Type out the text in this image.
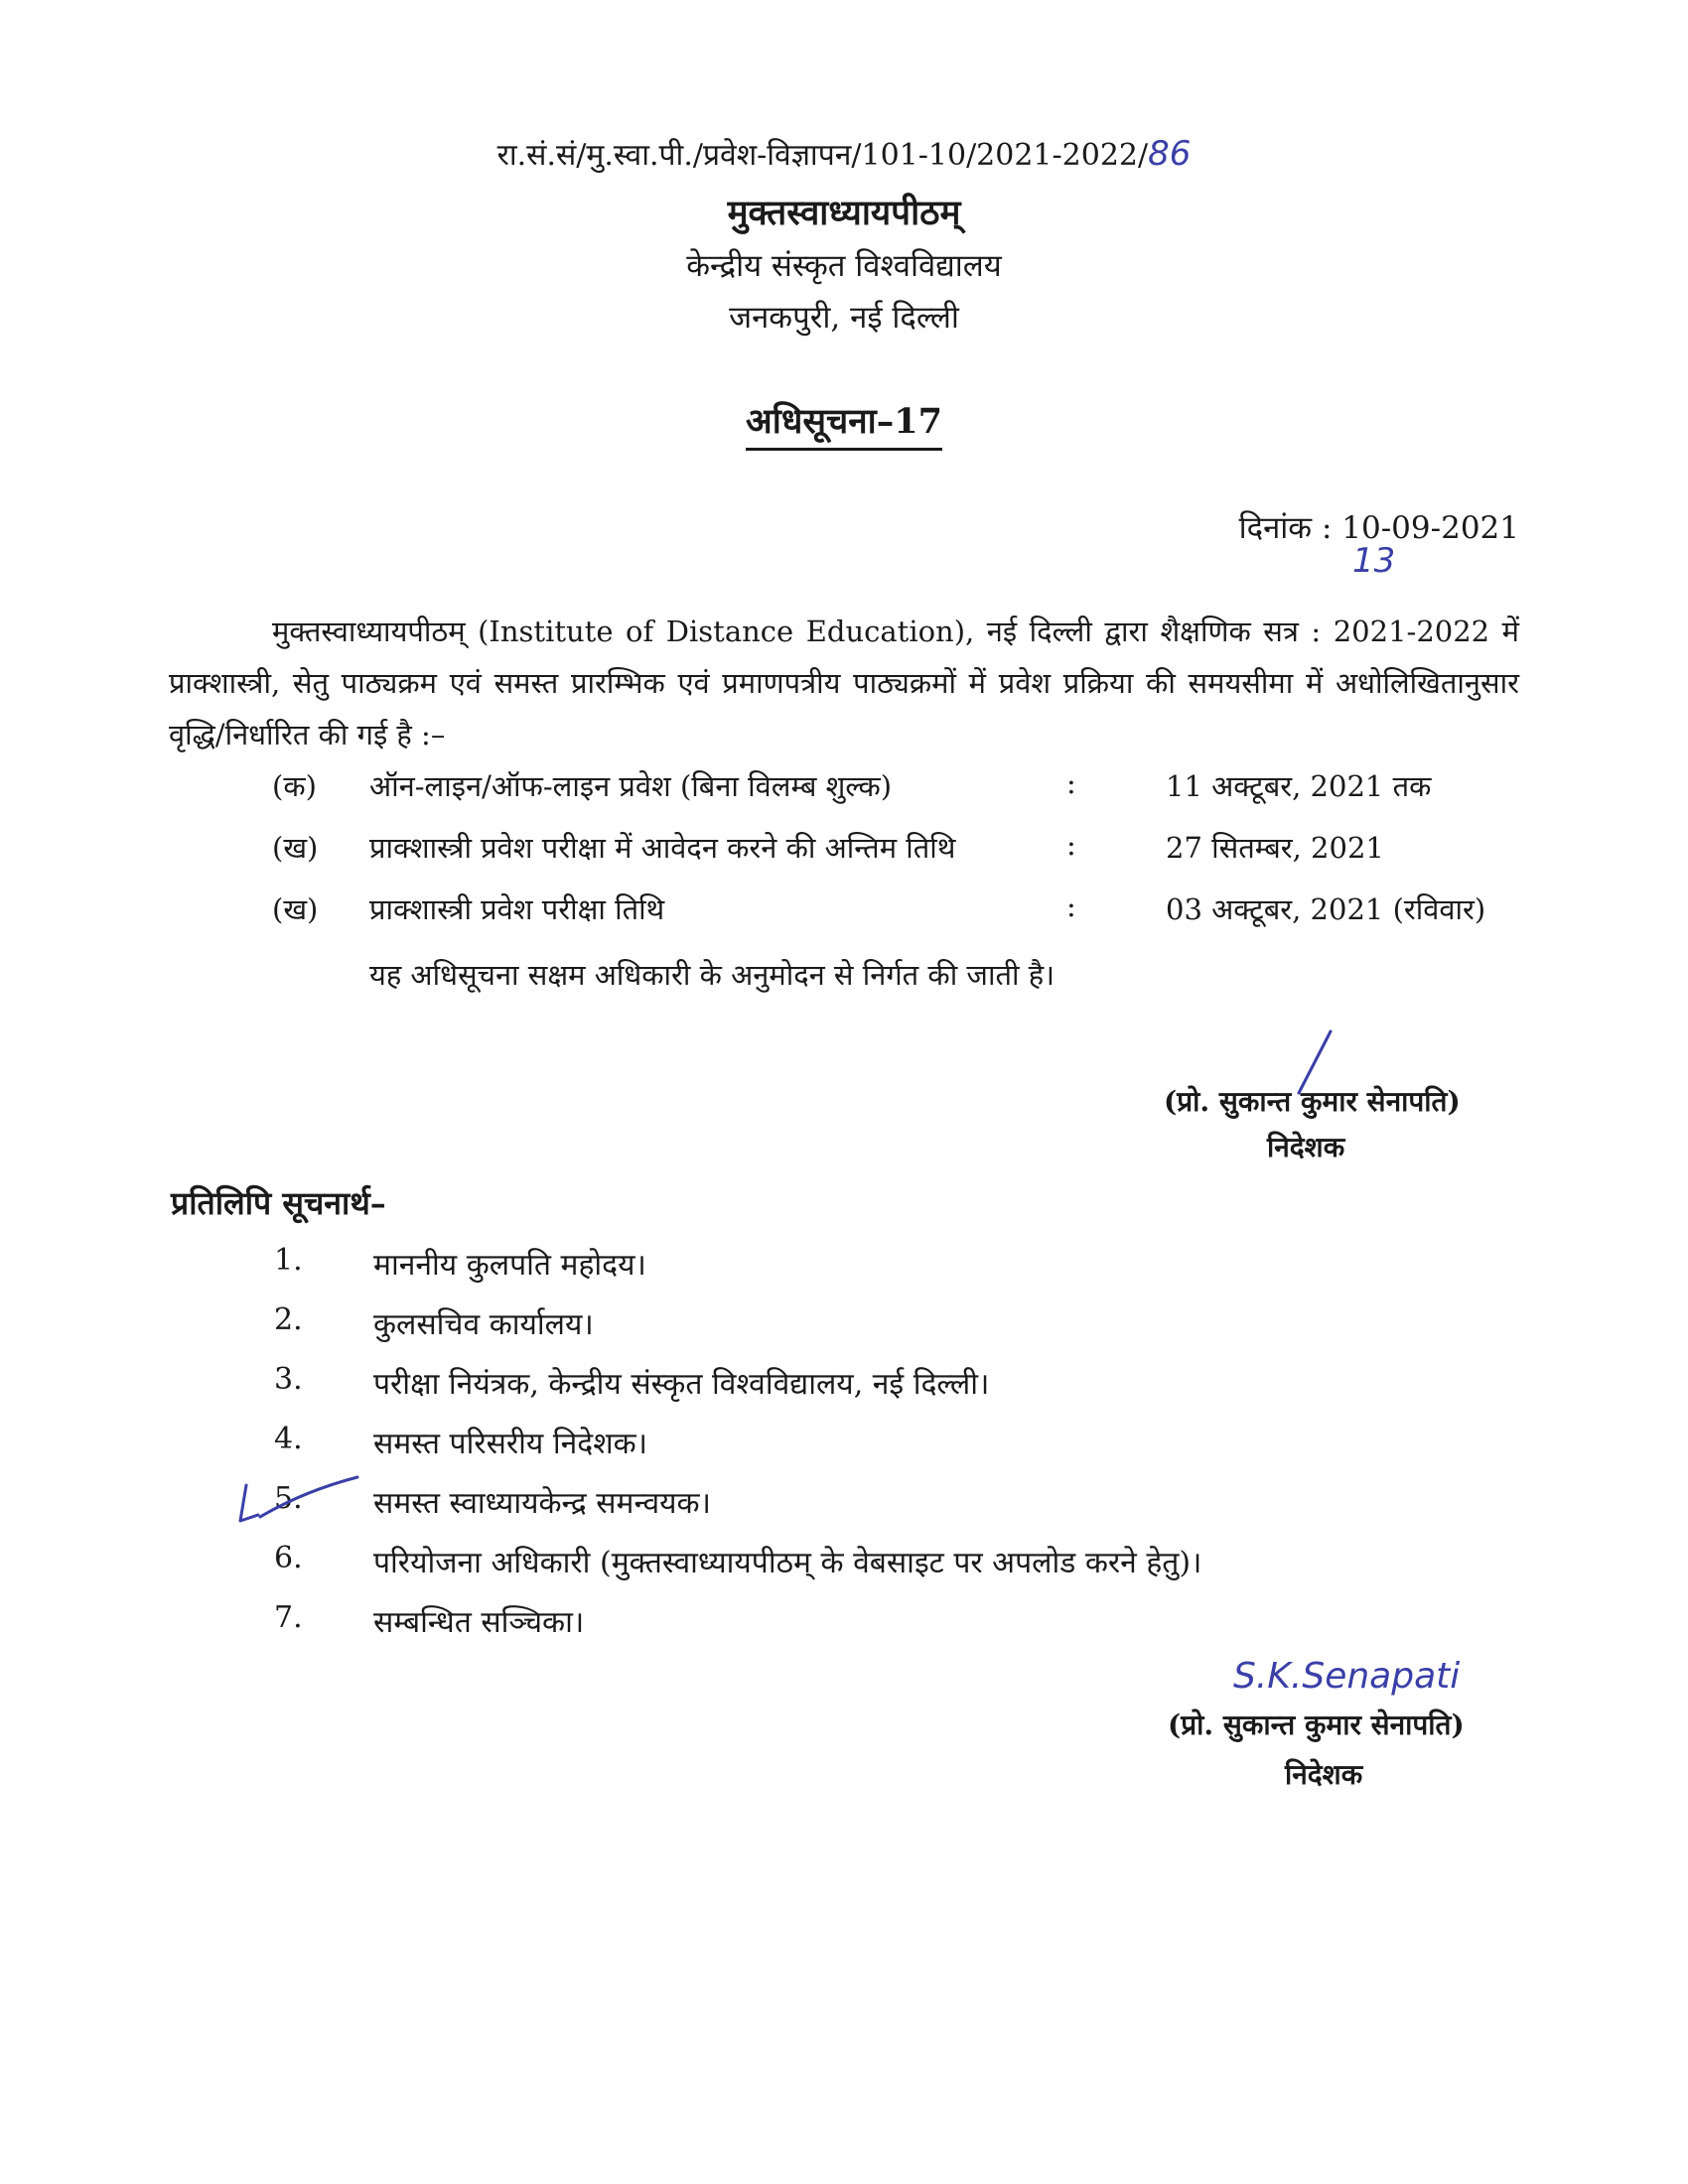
रा.सं.सं/मु.स्वा.पी./प्रवेश-विज्ञापन/101-10/2021-2022/86
मुक्तस्वाध्यायपीठम्
केन्द्रीय संस्कृत विश्वविद्यालय
जनकपुरी, नई दिल्ली
अधिसूचना–17
दिनांक : 10-09-2021
13
मुक्तस्वाध्यायपीठम् (Institute of Distance Education), नई दिल्ली द्वारा शैक्षणिक सत्र : 2021-2022 में प्राक्शास्त्री, सेतु पाठ्यक्रम एवं समस्त प्रारम्भिक एवं प्रमाणपत्रीय पाठ्यक्रमों में प्रवेश प्रक्रिया की समयसीमा में अधोलिखितानुसार वृद्धि/निर्धारित की गई है :–
(क) ऑन-लाइन/ऑफ-लाइन प्रवेश (बिना विलम्ब शुल्क)	:	11 अक्टूबर, 2021 तक
(ख) प्राक्शास्त्री प्रवेश परीक्षा में आवेदन करने की अन्तिम तिथि	:	27 सितम्बर, 2021
(ख) प्राक्शास्त्री प्रवेश परीक्षा तिथि	:	03 अक्टूबर, 2021 (रविवार)
यह अधिसूचना सक्षम अधिकारी के अनुमोदन से निर्गत की जाती है।
(प्रो. सुकान्त कुमार सेनापति)
निदेशक
प्रतिलिपि सूचनार्थ–
1.	माननीय कुलपति महोदय।
2.	कुलसचिव कार्यालय।
3.	परीक्षा नियंत्रक, केन्द्रीय संस्कृत विश्वविद्यालय, नई दिल्ली।
4.	समस्त परिसरीय निदेशक।
5.	समस्त स्वाध्यायकेन्द्र समन्वयक।
6.	परियोजना अधिकारी (मुक्तस्वाध्यायपीठम् के वेबसाइट पर अपलोड करने हेतु)।
7.	सम्बन्धित सञ्चिका।
S.K.Senapati
(प्रो. सुकान्त कुमार सेनापति)
निदेशक
